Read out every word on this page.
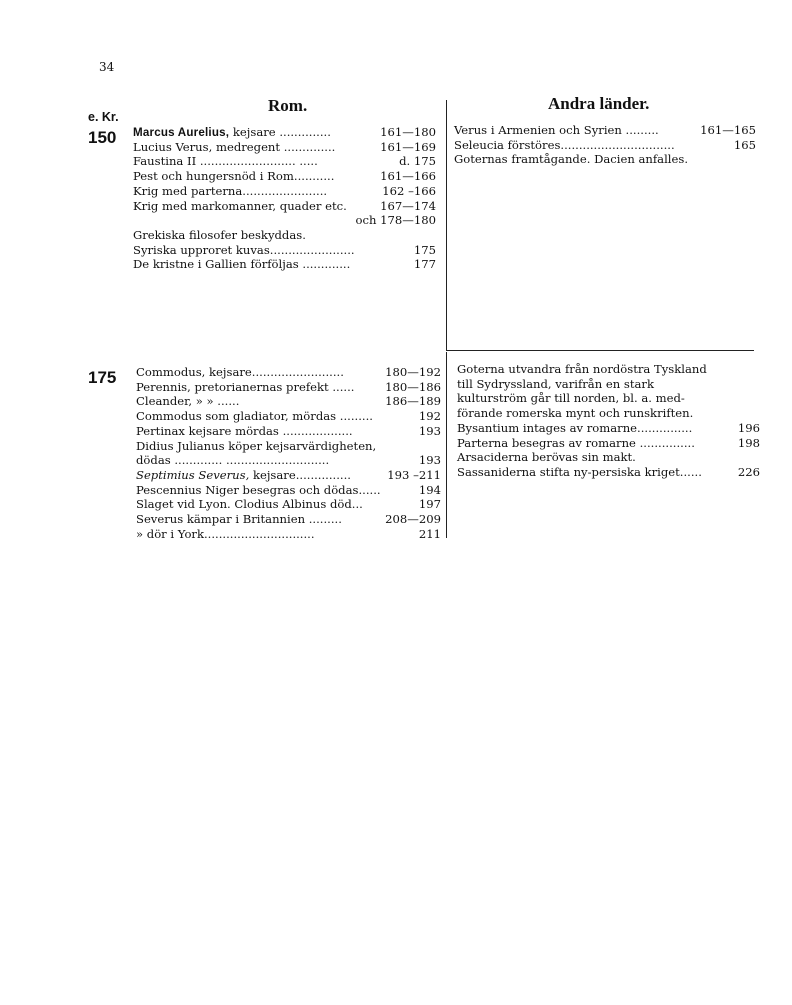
34
e. Kr.
Rom.	Andra länder.
150 Marcus Aurelius, kejsare ..............	161—180
Lucius Verus, medregent ..............	161—169
Faustina II .......................... .....	d. 175
Pest och hungersnöd i Rom...........	161—166
Krig med parterna.......................	162 –166
Krig med markomanner, quader etc.	167—174
och 178—180
Grekiska filosofer beskyddas.
Syriska upproret kuvas.......................	175
De kristne i Gallien förföljas .............	177
Verus i Armenien och Syrien .........	161—165
Seleucia förstöres...............................	165
Goternas framtågande. Dacien anfalles.
175 Commodus, kejsare.........................	180—192
Perennis, pretorianernas prefekt ......	180—186
Cleander, » » ......	186—189
Commodus som gladiator, mördas .........	192
Pertinax kejsare mördas ...................	193
Didius Julianus köper kejsarvärdigheten,
dödas ............. ............................	193
Septimius Severus, kejsare...............	193 –211
Pescennius Niger besegras och dödas......	194
Slaget vid Lyon. Clodius Albinus död...	197
Severus kämpar i Britannien .........	208—209
» dör i York..............................	211
Goterna utvandra från nordöstra Tyskland
till Sydryssland, varifrån en stark
kulturström går till norden, bl. a. med-
förande romerska mynt och runskriften.
Bysantium intages av romarne...............	196
Parterna besegras av romarne ...............	198
Arsaciderna berövas sin makt.
Sassaniderna stifta ny-persiska kriget......	226
